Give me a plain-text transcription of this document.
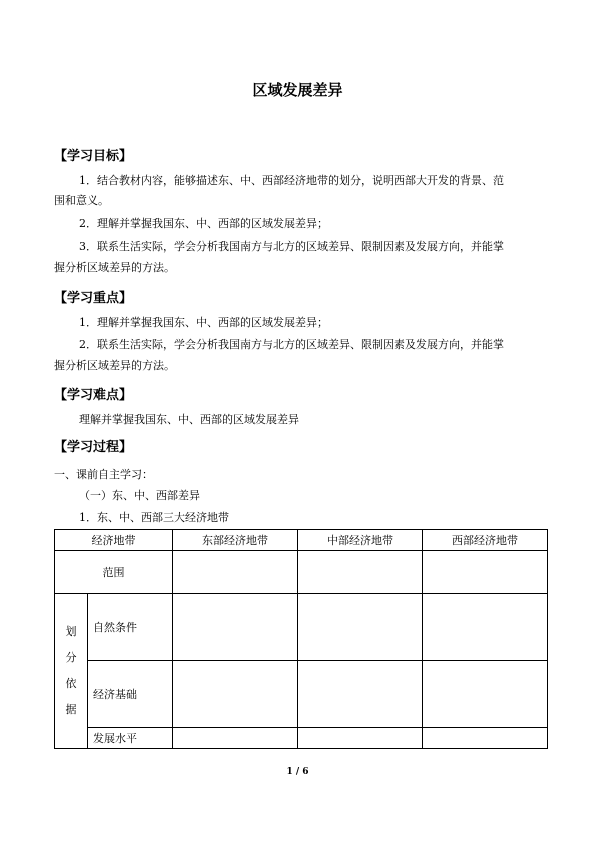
区域发展差异
【学习目标】
1．结合教材内容，能够描述东、中、西部经济地带的划分，说明西部大开发的背景、范
围和意义。
2．理解并掌握我国东、中、西部的区域发展差异；
3．联系生活实际，学会分析我国南方与北方的区域差异、限制因素及发展方向，并能掌
握分析区域差异的方法。
【学习重点】
1．理解并掌握我国东、中、西部的区域发展差异；
2．联系生活实际，学会分析我国南方与北方的区域差异、限制因素及发展方向，并能掌
握分析区域差异的方法。
【学习难点】
理解并掌握我国东、中、西部的区域发展差异
【学习过程】
一、课前自主学习：
（一）东、中、西部差异
1．东、中、西部三大经济地带
经济地带		东部经济地带	中部经济地带	西部经济地带
范围				

划
分
依
据	自然条件			
	经济基础			
	发展水平			
1 / 6
